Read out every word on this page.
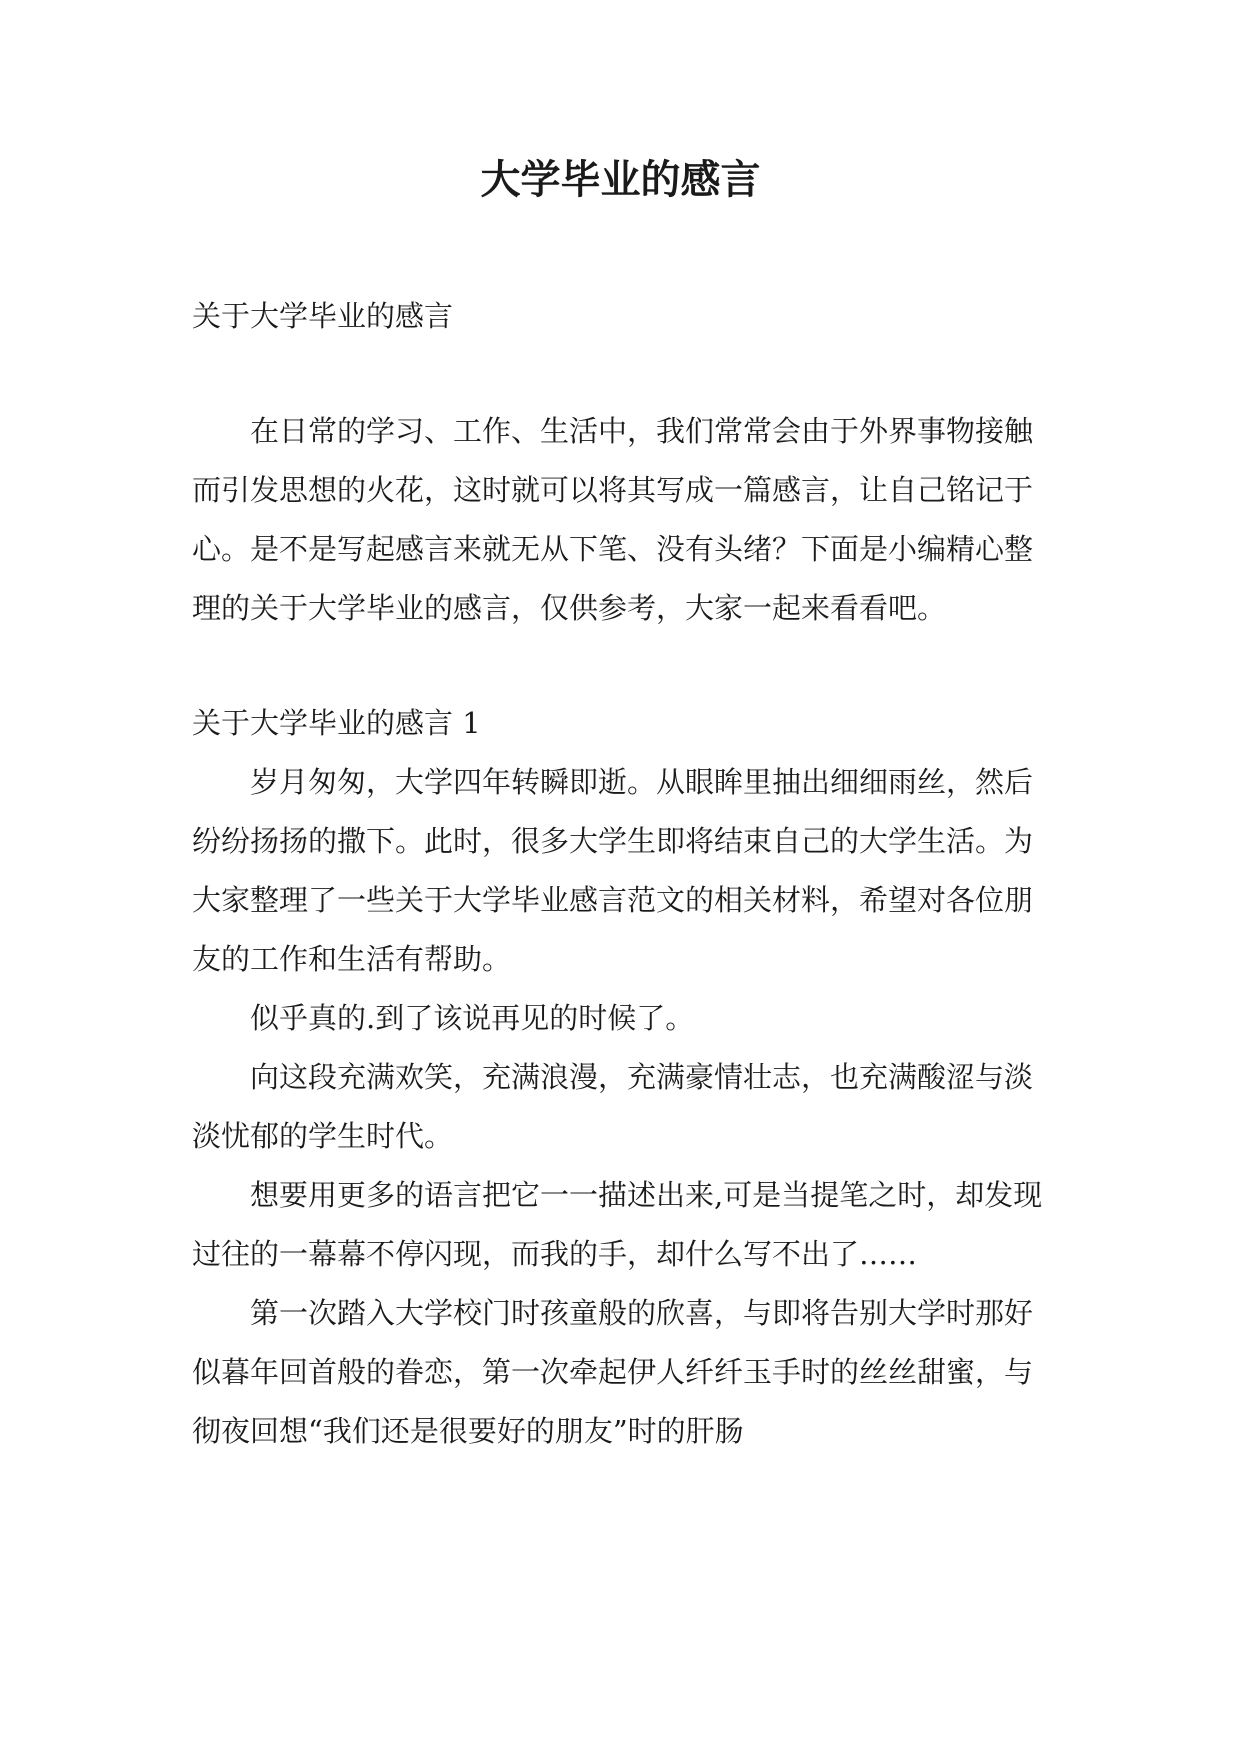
大学毕业的感言

关于大学毕业的感言

在日常的学习、工作、生活中，我们常常会由于外界事物接触而引发思想的火花，这时就可以将其写成一篇感言，让自己铭记于心。是不是写起感言来就无从下笔、没有头绪？下面是小编精心整理的关于大学毕业的感言，仅供参考，大家一起来看看吧。

关于大学毕业的感言 1

岁月匆匆，大学四年转瞬即逝。从眼眸里抽出细细雨丝，然后纷纷扬扬的撒下。此时，很多大学生即将结束自己的大学生活。为大家整理了一些关于大学毕业感言范文的相关材料，希望对各位朋友的工作和生活有帮助。

似乎真的.到了该说再见的时候了。

向这段充满欢笑，充满浪漫，充满豪情壮志，也充满酸涩与淡淡忧郁的学生时代。

想要用更多的语言把它一一描述出来,可是当提笔之时，却发现过往的一幕幕不停闪现，而我的手，却什么写不出了……

第一次踏入大学校门时孩童般的欣喜，与即将告别大学时那好似暮年回首般的眷恋，第一次牵起伊人纤纤玉手时的丝丝甜蜜，与彻夜回想“我们还是很要好的朋友”时的肝肠
